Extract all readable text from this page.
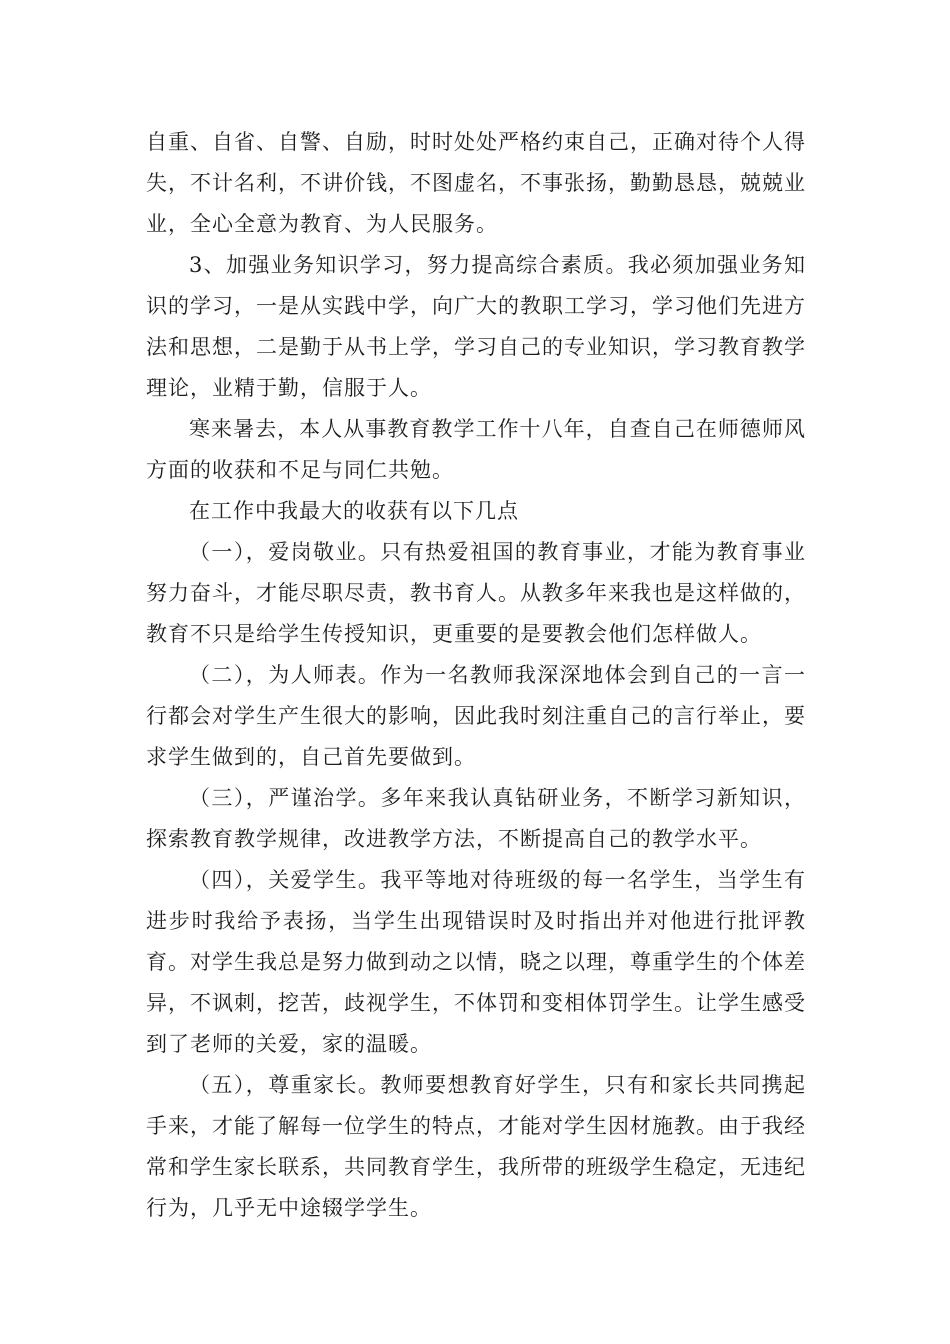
自重、自省、自警、自励，时时处处严格约束自己，正确对待个人得失，不计名利，不讲价钱，不图虚名，不事张扬，勤勤恳恳，兢兢业业，全心全意为教育、为人民服务。

3、加强业务知识学习，努力提高综合素质。我必须加强业务知识的学习，一是从实践中学，向广大的教职工学习，学习他们先进方法和思想，二是勤于从书上学，学习自己的专业知识，学习教育教学理论，业精于勤，信服于人。

寒来暑去，本人从事教育教学工作十八年，自查自己在师德师风方面的收获和不足与同仁共勉。

在工作中我最大的收获有以下几点

（一），爱岗敬业。只有热爱祖国的教育事业，才能为教育事业努力奋斗，才能尽职尽责，教书育人。从教多年来我也是这样做的，教育不只是给学生传授知识，更重要的是要教会他们怎样做人。

（二），为人师表。作为一名教师我深深地体会到自己的一言一行都会对学生产生很大的影响，因此我时刻注重自己的言行举止，要求学生做到的，自己首先要做到。

（三），严谨治学。多年来我认真钻研业务，不断学习新知识，探索教育教学规律，改进教学方法，不断提高自己的教学水平。

（四），关爱学生。我平等地对待班级的每一名学生，当学生有进步时我给予表扬，当学生出现错误时及时指出并对他进行批评教育。对学生我总是努力做到动之以情，晓之以理，尊重学生的个体差异，不讽刺，挖苦，歧视学生，不体罚和变相体罚学生。让学生感受到了老师的关爱，家的温暖。

（五），尊重家长。教师要想教育好学生，只有和家长共同携起手来，才能了解每一位学生的特点，才能对学生因材施教。由于我经常和学生家长联系，共同教育学生，我所带的班级学生稳定，无违纪行为，几乎无中途辍学学生。
